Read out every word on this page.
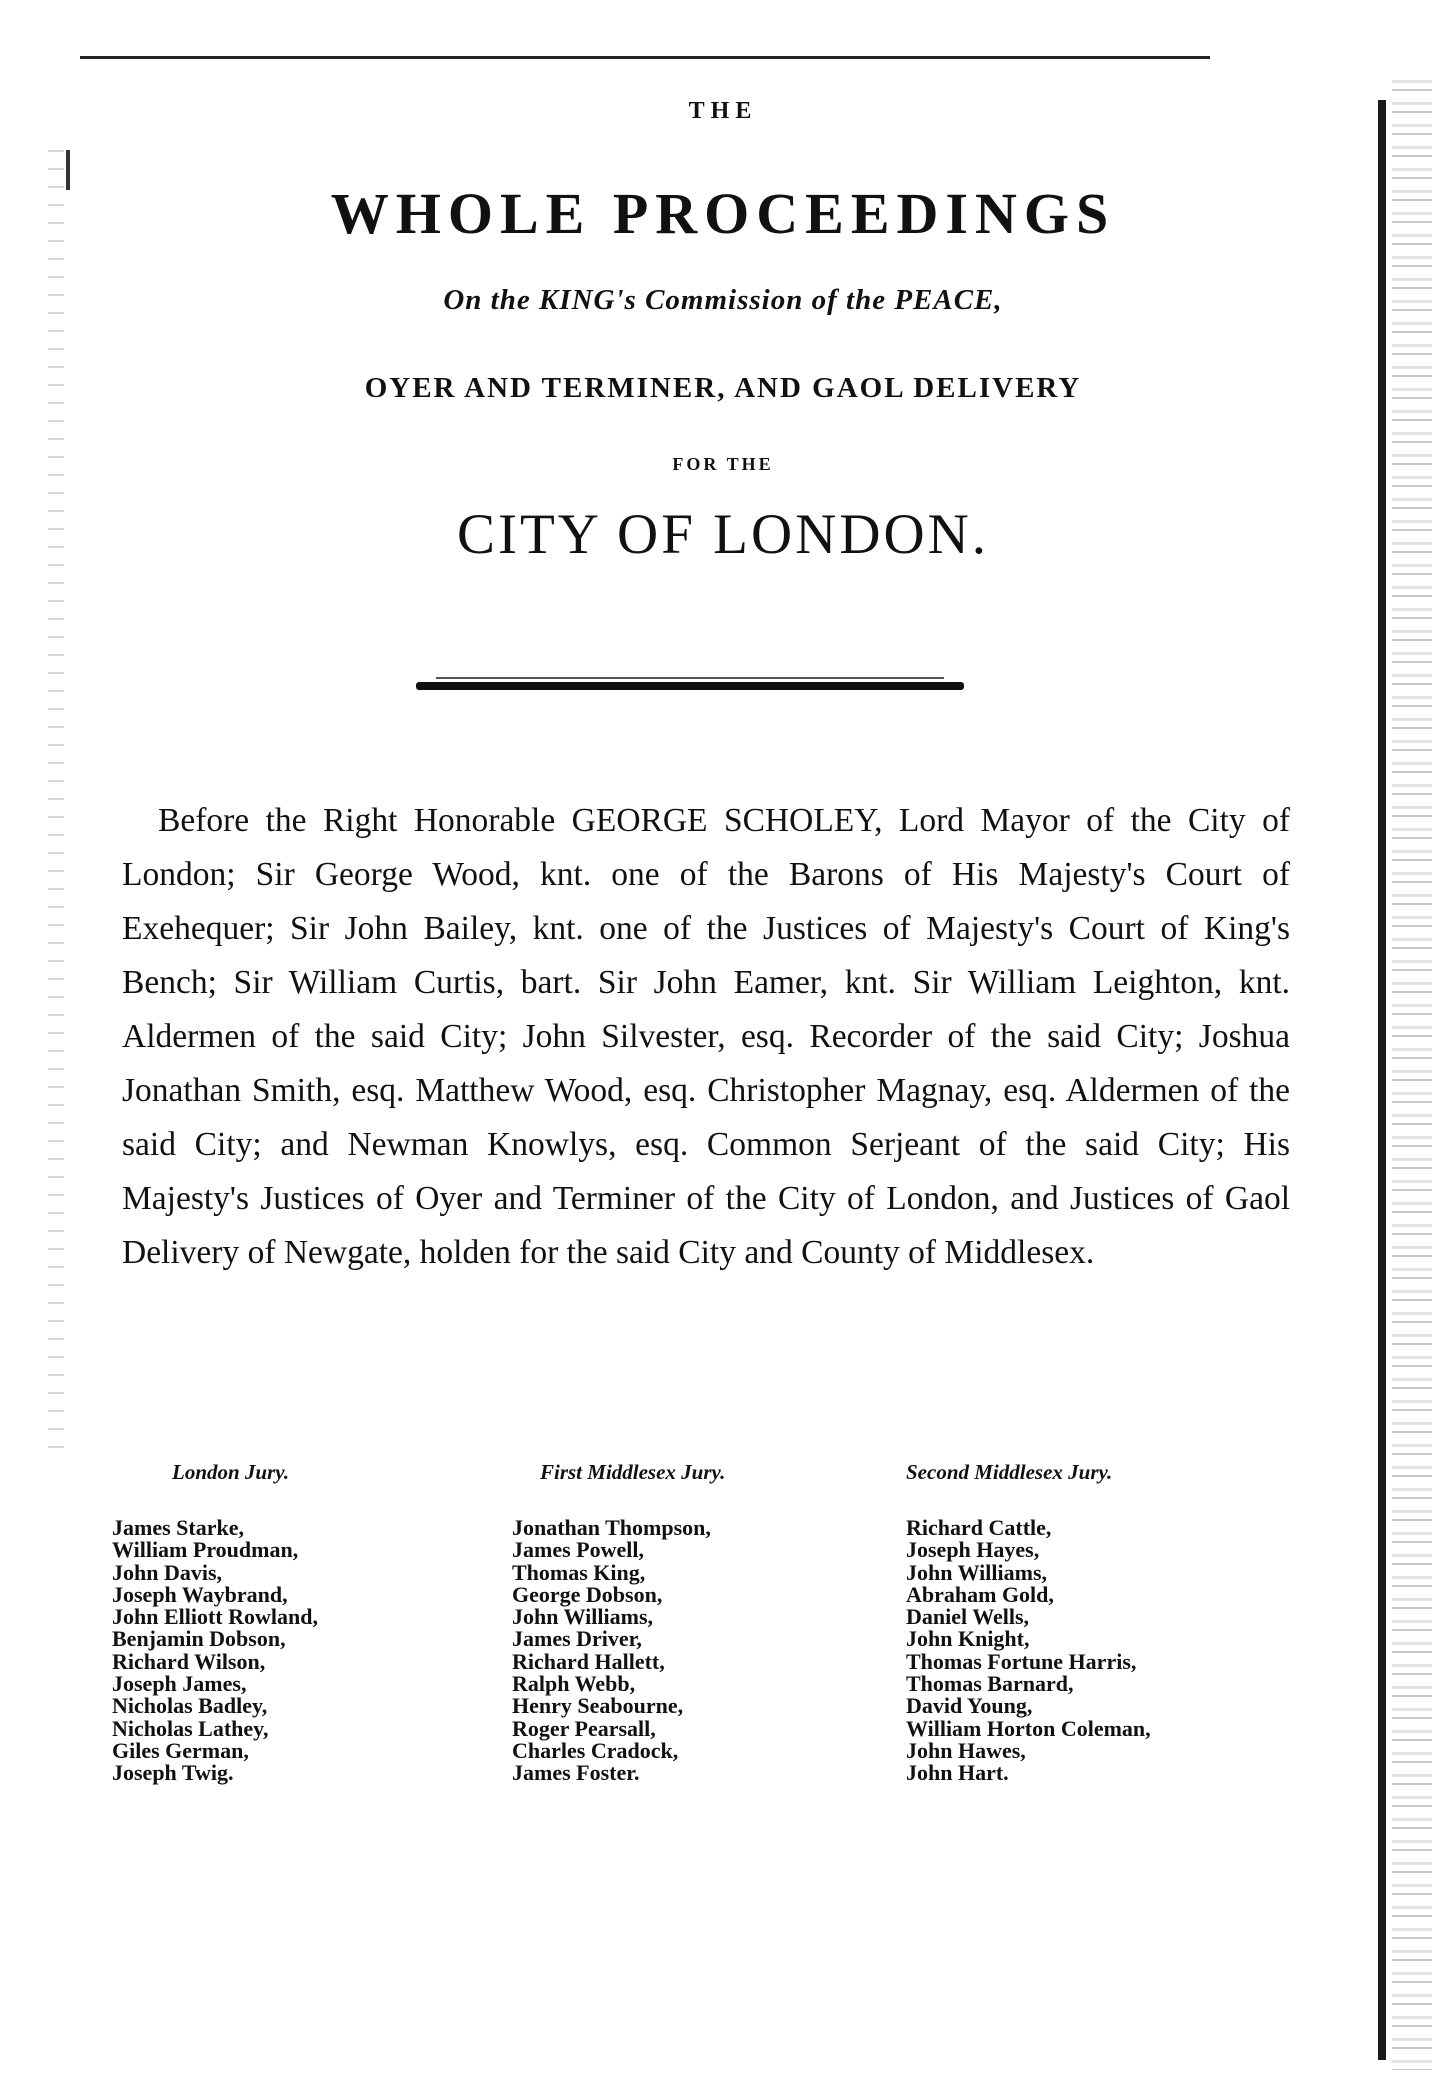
THE
WHOLE PROCEEDINGS
On the KING's Commission of the PEACE,
OYER AND TERMINER, AND GAOL DELIVERY
FOR THE
CITY OF LONDON.

Before the Right Honorable GEORGE SCHOLEY, Lord Mayor of the City of London; Sir George Wood, knt. one of the Barons of His Majesty's Court of Exehequer; Sir John Bailey, knt. one of the Justices of Majesty's Court of King's Bench; Sir William Curtis, bart. Sir John Eamer, knt. Sir William Leighton, knt. Aldermen of the said City; John Silvester, esq. Recorder of the said City; Joshua Jonathan Smith, esq. Matthew Wood, esq. Christopher Magnay, esq. Aldermen of the said City; and Newman Knowlys, esq. Common Serjeant of the said City; His Majesty's Justices of Oyer and Terminer of the City of London, and Justices of Gaol Delivery of Newgate, holden for the said City and County of Middlesex.

London Jury.
James Starke,
William Proudman,
John Davis,
Joseph Waybrand,
John Elliott Rowland,
Benjamin Dobson,
Richard Wilson,
Joseph James,
Nicholas Badley,
Nicholas Lathey,
Giles German,
Joseph Twig.
First Middlesex Jury.
Jonathan Thompson,
James Powell,
Thomas King,
George Dobson,
John Williams,
James Driver,
Richard Hallett,
Ralph Webb,
Henry Seabourne,
Roger Pearsall,
Charles Cradock,
James Foster.
Second Middlesex Jury.
Richard Cattle,
Joseph Hayes,
John Williams,
Abraham Gold,
Daniel Wells,
John Knight,
Thomas Fortune Harris,
Thomas Barnard,
David Young,
William Horton Coleman,
John Hawes,
John Hart.
